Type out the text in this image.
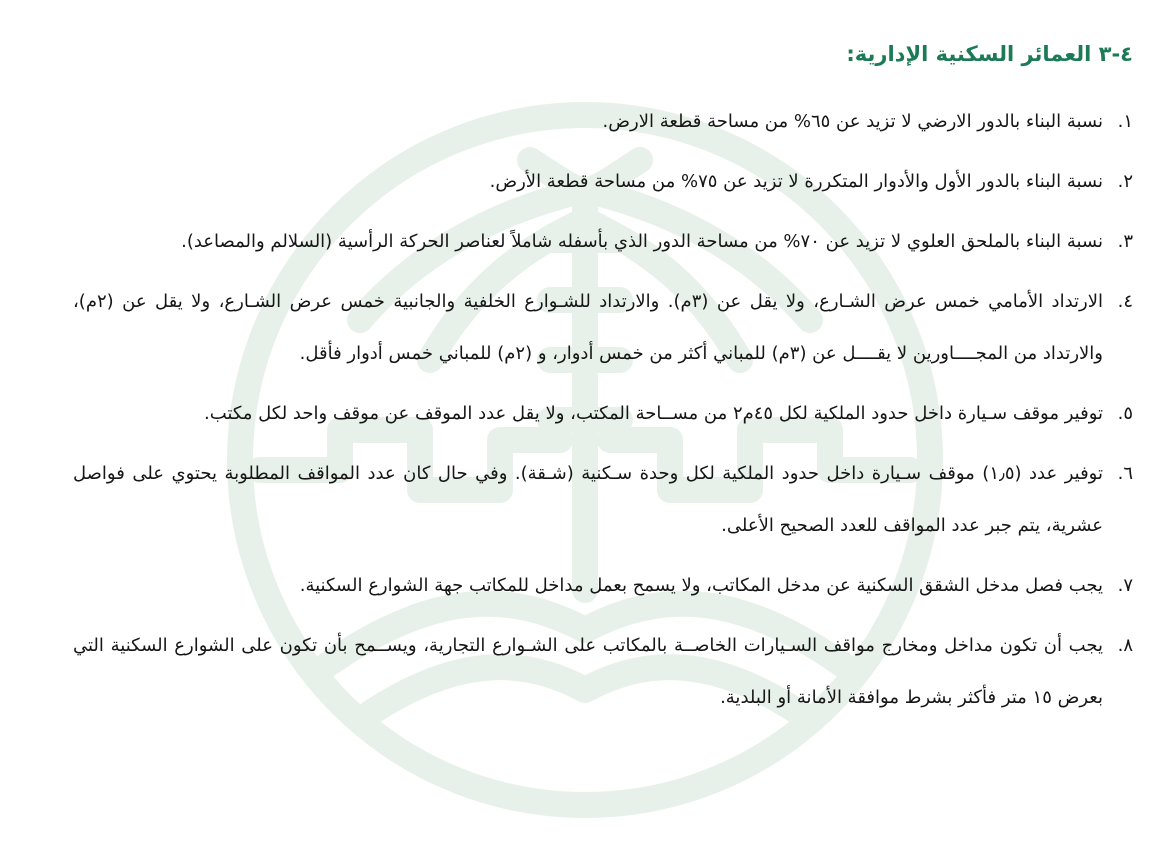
٤-٣ العمائر السكنية الإدارية:
١.
نسبة البناء بالدور الارضي لا تزيد عن ٦٥% من مساحة قطعة الارض.
٢.
نسبة البناء بالدور الأول والأدوار المتكررة لا تزيد عن ٧٥% من مساحة قطعة الأرض.
٣.
نسبة البناء بالملحق العلوي لا تزيد عن ٧٠% من مساحة الدور الذي بأسفله شاملاً لعناصر الحركة الرأسية (السلالم والمصاعد).
٤.
الارتداد الأمامي خمس عرض الشـارع، ولا يقل عن (٣م). والارتداد للشـوارع الخلفية والجانبية خمس عرض الشـارع، ولا يقل عن (٢م)، والارتداد من المجــــاورين لا يقــــل عن (٣م) للمباني أكثر من خمس أدوار، و (٢م) للمباني خمس أدوار فأقل.
٥.
توفير موقف سـيارة داخل حدود الملكية لكل ٤٥م٢ من مســاحة المكتب، ولا يقل عدد الموقف عن موقف واحد لكل مكتب.
٦.
توفير عدد (١٫٥) موقف سـيارة داخل حدود الملكية لكل وحدة سـكنية (شـقة). وفي حال كان عدد المواقف المطلوبة يحتوي على فواصل عشرية، يتم جبر عدد المواقف للعدد الصحيح الأعلى.
٧.
يجب فصل مدخل الشقق السكنية عن مدخل المكاتب، ولا يسمح بعمل مداخل للمكاتب جهة الشوارع السكنية.
٨.
يجب أن تكون مداخل ومخارج مواقف السـيارات الخاصــة بالمكاتب على الشـوارع التجارية، ويســمح بأن تكون على الشوارع السكنية التي بعرض ١٥ متر فأكثر بشرط موافقة الأمانة أو البلدية.
